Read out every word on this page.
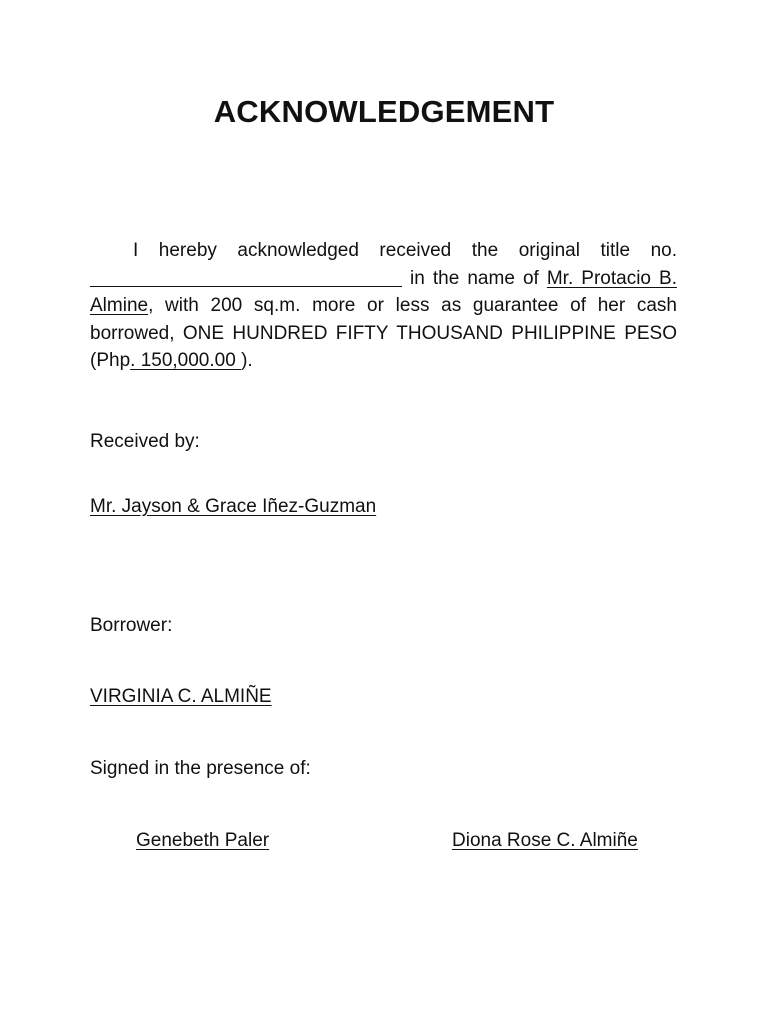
ACKNOWLEDGEMENT
I hereby acknowledged received the original title no.  in the name of Mr. Protacio B. Almine, with 200 sq.m. more or less as guarantee of her cash borrowed, ONE HUNDRED FIFTY THOUSAND PHILIPPINE PESO (Php. 150,000.00 ).
Received by:
Mr. Jayson & Grace Iñez-Guzman
Borrower:
VIRGINIA C. ALMIÑE
Signed in the presence of:
Genebeth Paler	Diona Rose C. Almiñe
